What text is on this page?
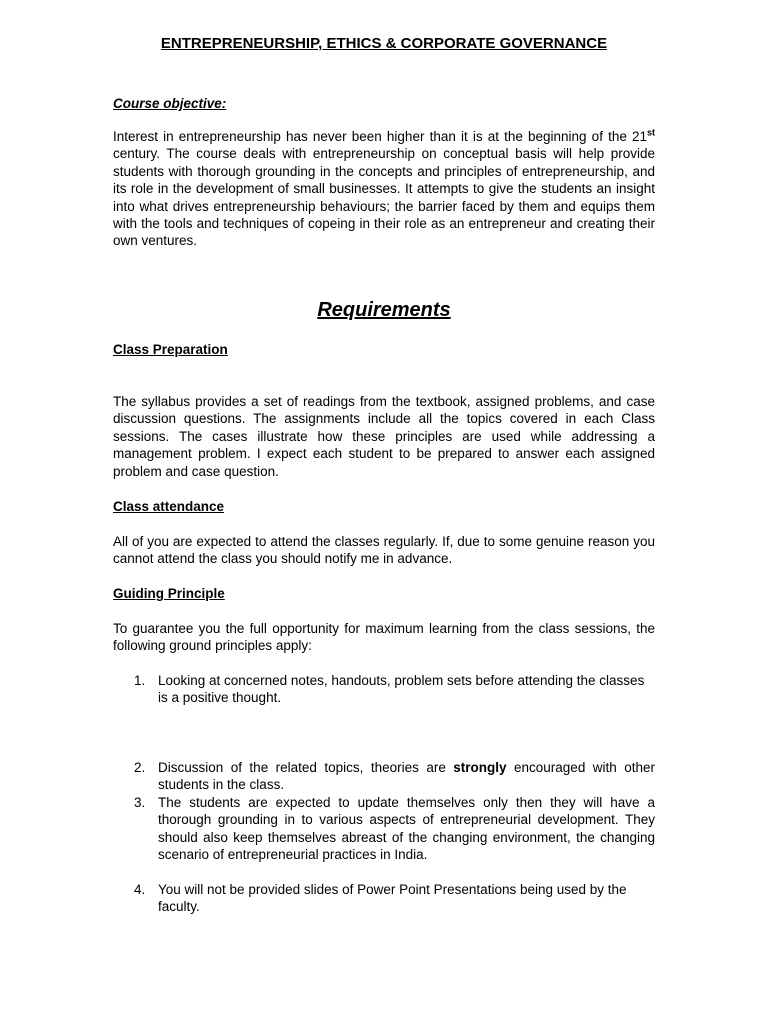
ENTREPRENEURSHIP, ETHICS & CORPORATE GOVERNANCE
Course objective:

Interest in entrepreneurship has never been higher than it is at the beginning of the 21st century. The course deals with entrepreneurship on conceptual basis will help provide students with thorough grounding in the concepts and principles of entrepreneurship, and its role in the development of small businesses. It attempts to give the students an insight into what drives entrepreneurship behaviours; the barrier faced by them and equips them with the tools and techniques of copeing in their role as an entrepreneur and creating their own ventures.

Requirements
Class Preparation

The syllabus provides a set of readings from the textbook, assigned problems, and case discussion questions. The assignments include all the topics covered in each Class sessions. The cases illustrate how these principles are used while addressing a management problem. I expect each student to be prepared to answer each assigned problem and case question.

Class attendance

All of you are expected to attend the classes regularly. If, due to some genuine reason you cannot attend the class you should notify me in advance.

Guiding Principle

To guarantee you the full opportunity for maximum learning from the class sessions, the following ground principles apply:

1. Looking at concerned notes, handouts, problem sets before attending the classes is a positive thought.
2. Discussion of the related topics, theories are strongly encouraged with other students in the class.
3. The students are expected to update themselves only then they will have a thorough grounding in to various aspects of entrepreneurial development. They should also keep themselves abreast of the changing environment, the changing scenario of entrepreneurial practices in India.
4. You will not be provided slides of Power Point Presentations being used by the faculty.
